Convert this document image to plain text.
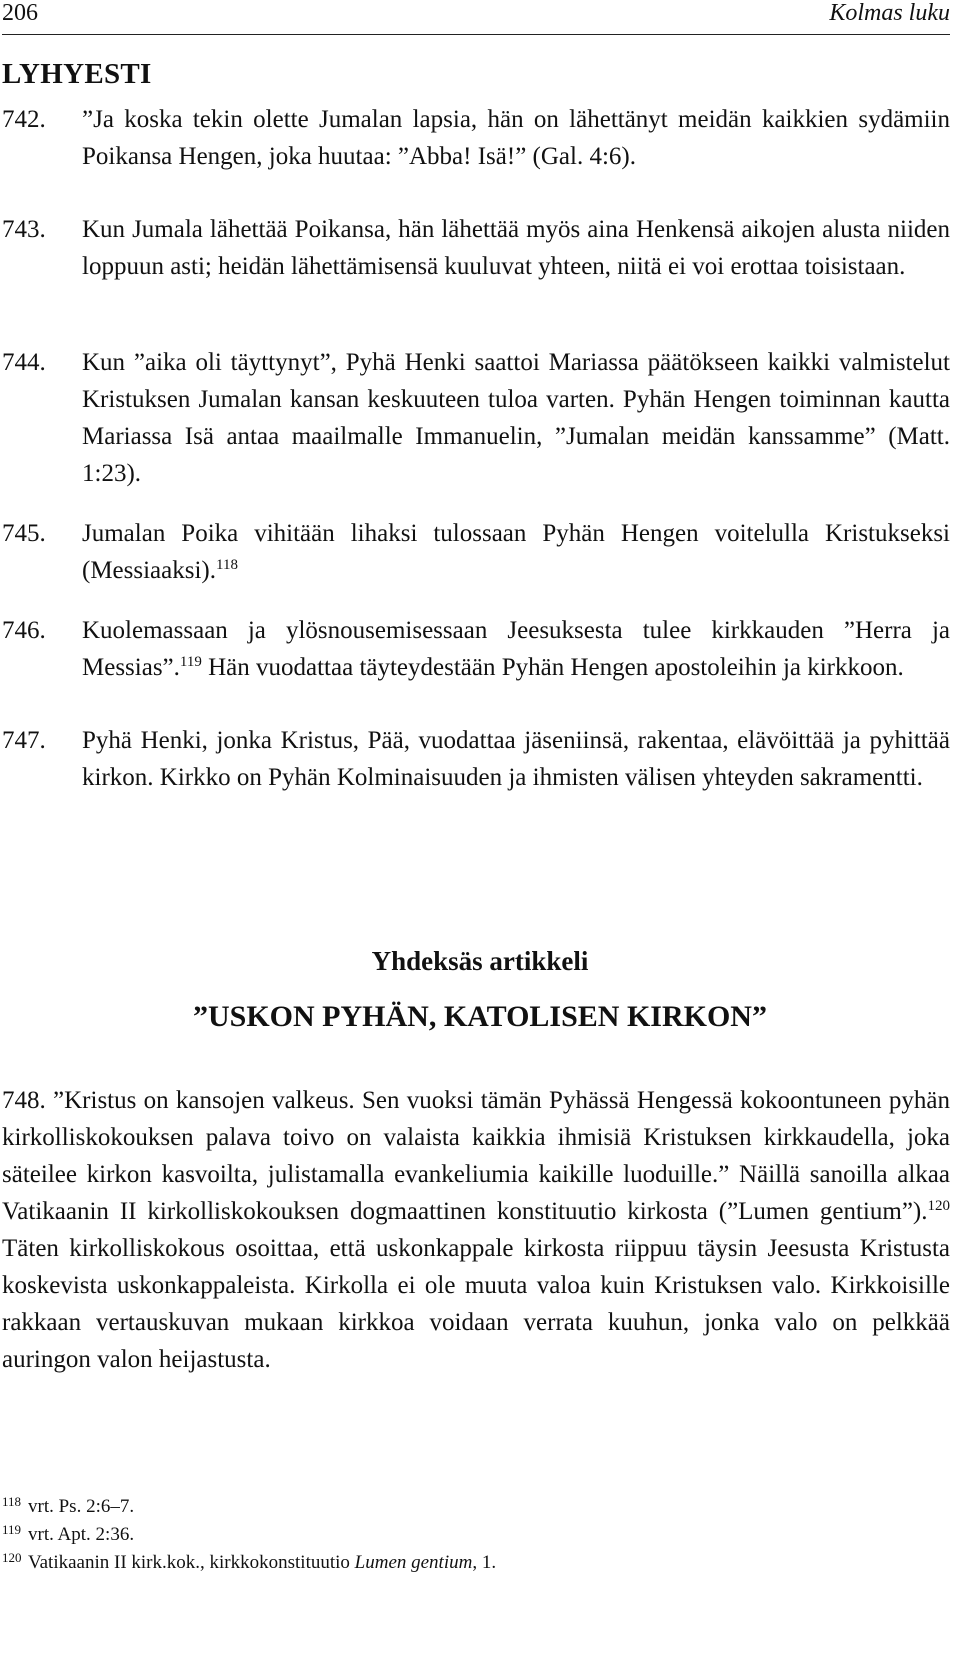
206	Kolmas luku
LYHYESTI
742. ”Ja koska tekin olette Jumalan lapsia, hän on lähettänyt meidän kaikkien sydämiin Poikansa Hengen, joka huutaa: ”Abba! Isä!” (Gal. 4:6).
743. Kun Jumala lähettää Poikansa, hän lähettää myös aina Henkensä aikojen alusta niiden loppuun asti; heidän lähettämisensä kuuluvat yhteen, niitä ei voi erottaa toisistaan.
744. Kun ”aika oli täyttynyt”, Pyhä Henki saattoi Mariassa päätökseen kaikki valmistelut Kristuksen Jumalan kansan keskuuteen tuloa varten. Pyhän Hengen toiminnan kautta Mariassa Isä antaa maailmalle Immanuelin, ”Jumalan meidän kanssamme” (Matt. 1:23).
745. Jumalan Poika vihitään lihaksi tulossaan Pyhän Hengen voitelulla Kristukseksi (Messiaaksi).$^{118}$
746. Kuolemassaan ja ylösnousemisessaan Jeesuksesta tulee kirkkauden ”Herra ja Messias”.$^{119}$ Hän vuodattaa täyteydestään Pyhän Hengen apostoleihin ja kirkkoon.
747. Pyhä Henki, jonka Kristus, Pää, vuodattaa jäseniinsä, rakentaa, elävöittää ja pyhittää kirkon. Kirkko on Pyhän Kolminaisuuden ja ihmisten välisen yhteyden sakramentti.
Yhdeksäs artikkeli
”USKON PYHÄN, KATOLISEN KIRKON”
748. ”Kristus on kansojen valkeus. Sen vuoksi tämän Pyhässä Hengessä kokoontuneen pyhän kirkolliskokouksen palava toivo on valaista kaikkia ihmisiä Kristuksen kirkkaudella, joka säteilee kirkon kasvoilta, julistamalla evankeliumia kaikille luoduille.” Näillä sanoilla alkaa Vatikaanin II kirkolliskokouksen dogmaattinen konstituutio kirkosta (”Lumen gentium”).$^{120}$ Täten kirkolliskokous osoittaa, että uskonkappale kirkosta riippuu täysin Jeesusta Kristusta koskevista uskonkappaleista. Kirkolla ei ole muuta valoa kuin Kristuksen valo. Kirkkoisille rakkaan vertauskuvan mukaan kirkkoa voidaan verrata kuuhun, jonka valo on pelkkää auringon valon heijastusta.
118 vrt. Ps. 2:6–7.
119 vrt. Apt. 2:36.
120 Vatikaanin II kirk.kok., kirkkokonstituutio Lumen gentium, 1.
